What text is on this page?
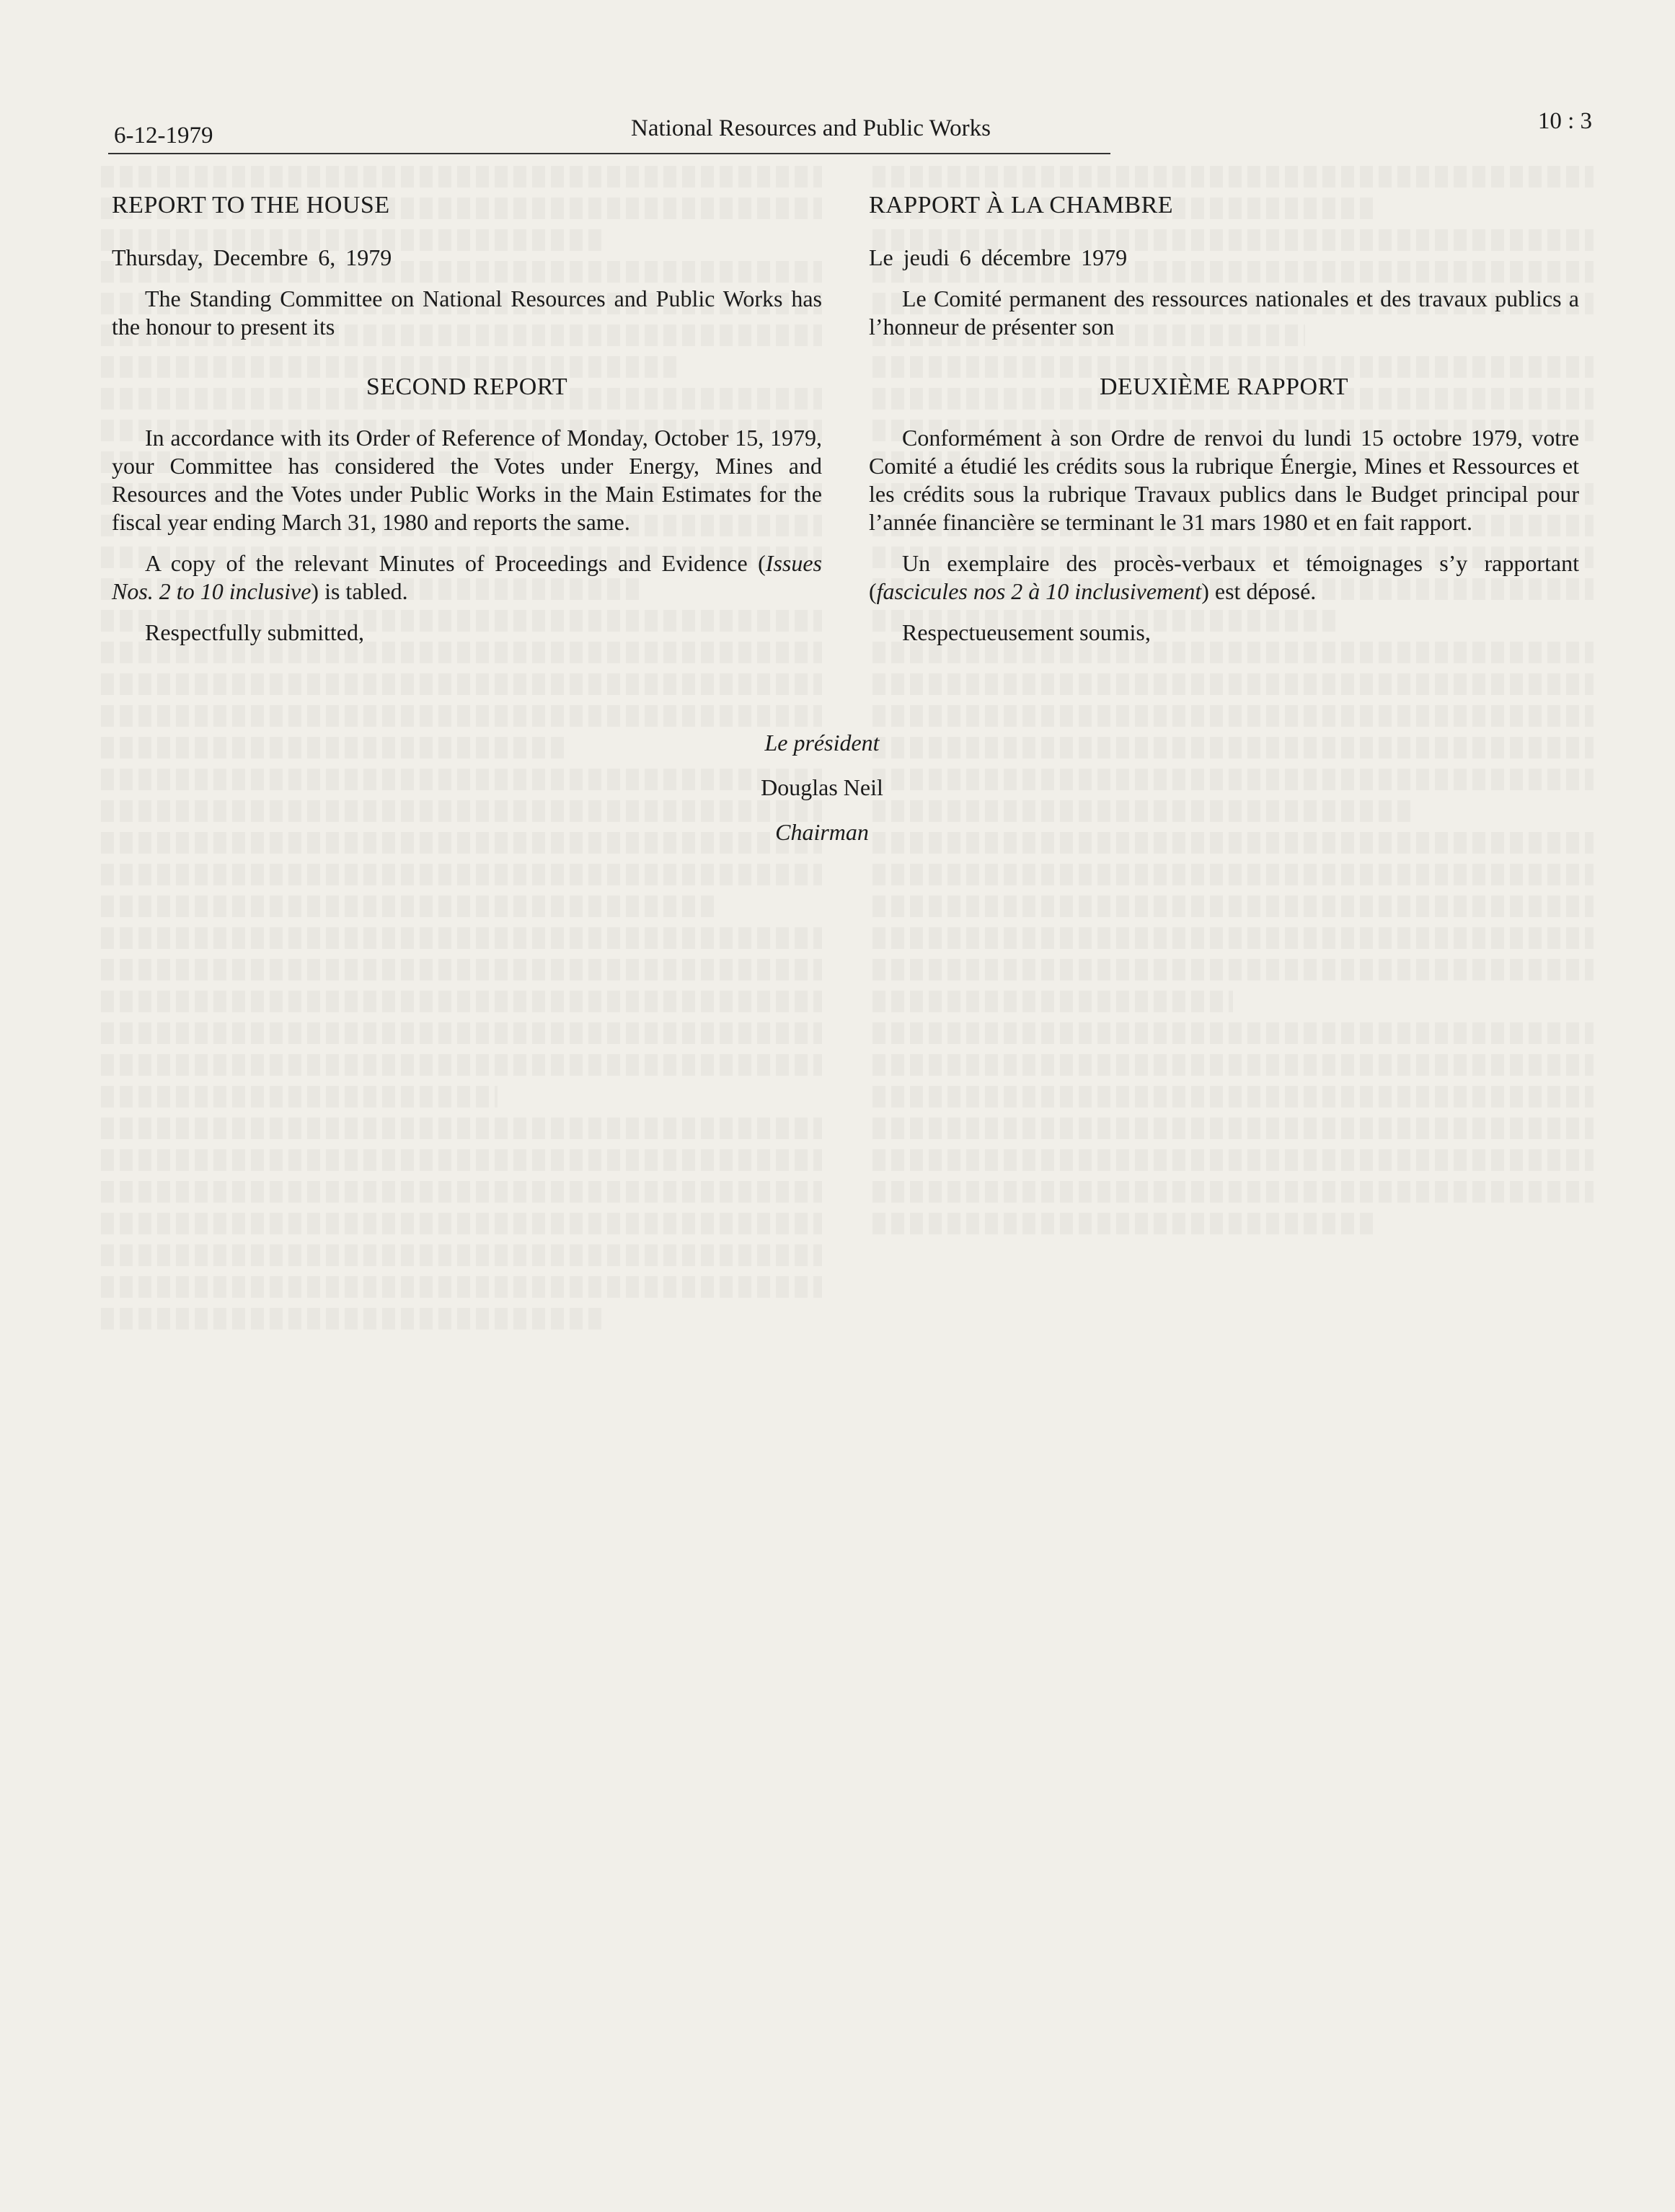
6-12-1979	National Resources and Public Works	10 : 3
REPORT TO THE HOUSE
Thursday, Decembre 6, 1979

The Standing Committee on National Resources and Public Works has the honour to present its

SECOND REPORT

In accordance with its Order of Reference of Monday, October 15, 1979, your Committee has considered the Votes under Energy, Mines and Resources and the Votes under Public Works in the Main Estimates for the fiscal year ending March 31, 1980 and reports the same.

A copy of the relevant Minutes of Proceedings and Evidence (Issues Nos. 2 to 10 inclusive) is tabled.

Respectfully submitted,

RAPPORT À LA CHAMBRE
Le jeudi 6 décembre 1979

Le Comité permanent des ressources nationales et des travaux publics a l’honneur de présenter son

DEUXIÈME RAPPORT

Conformément à son Ordre de renvoi du lundi 15 octobre 1979, votre Comité a étudié les crédits sous la rubrique Énergie, Mines et Ressources et les crédits sous la rubrique Travaux publics dans le Budget principal pour l’année financière se terminant le 31 mars 1980 et en fait rapport.

Un exemplaire des procès-verbaux et témoignages s’y rapportant (fascicules nos 2 à 10 inclusivement) est déposé.

Respectueusement soumis,

Le président
Douglas Neil
Chairman
